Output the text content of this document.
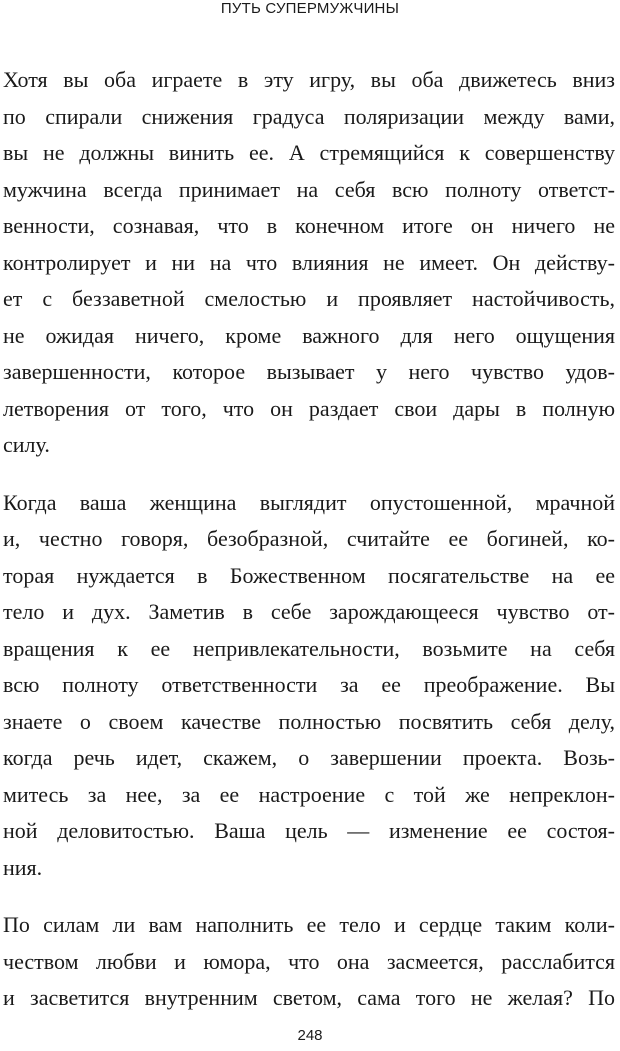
ПУТЬ СУПЕРМУЖЧИНЫ
Хотя вы оба играете в эту игру, вы оба движетесь вниз
по спирали снижения градуса поляризации между вами,
вы не должны винить ее. А стремящийся к совершенству
мужчина всегда принимает на себя всю полноту ответст-
венности, сознавая, что в конечном итоге он ничего не
контролирует и ни на что влияния не имеет. Он действу-
ет с беззаветной смелостью и проявляет настойчивость,
не ожидая ничего, кроме важного для него ощущения
завершенности, которое вызывает у него чувство удов-
летворения от того, что он раздает свои дары в полную
силу.
Когда ваша женщина выглядит опустошенной, мрачной
и, честно говоря, безобразной, считайте ее богиней, ко-
торая нуждается в Божественном посягательстве на ее
тело и дух. Заметив в себе зарождающееся чувство от-
вращения к ее непривлекательности, возьмите на себя
всю полноту ответственности за ее преображение. Вы
знаете о своем качестве полностью посвятить себя делу,
когда речь идет, скажем, о завершении проекта. Возь-
митесь за нее, за ее настроение с той же непреклон-
ной деловитостью. Ваша цель — изменение ее состоя-
ния.
По силам ли вам наполнить ее тело и сердце таким коли-
чеством любви и юмора, что она засмеется, расслабится
и засветится внутренним светом, сама того не желая? По
248
